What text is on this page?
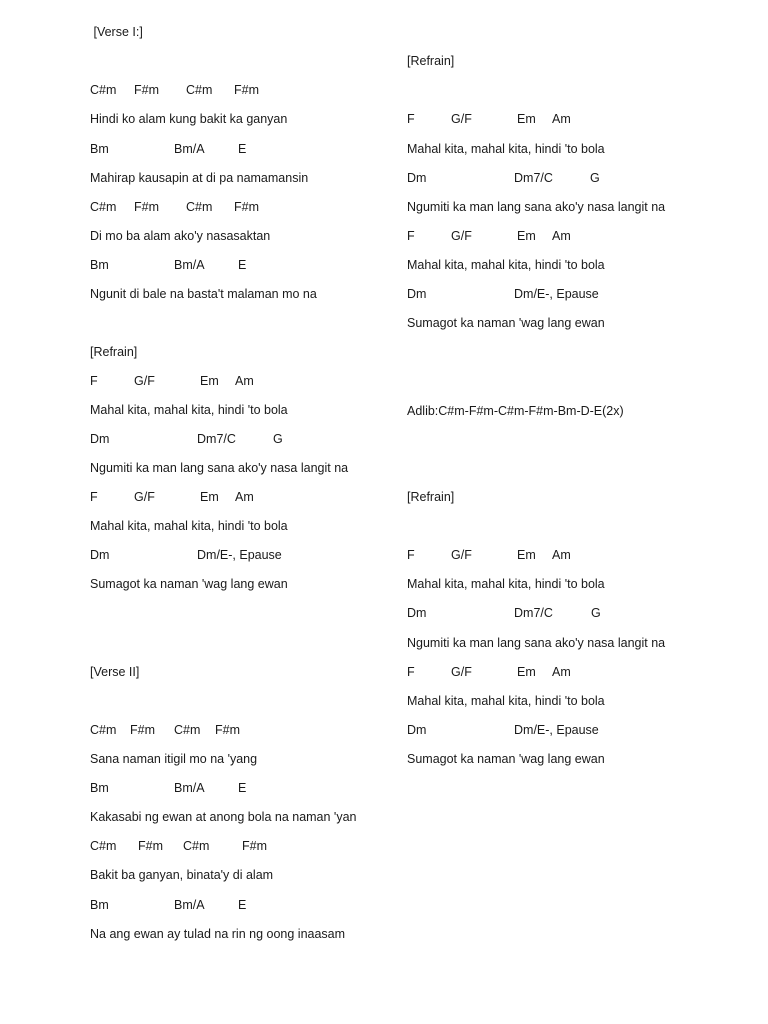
[Verse I:]
C#m F#m C#m F#m
Hindi ko alam kung bakit ka ganyan
Bm	Bm/A	E
Mahirap kausapin at di pa namamansin
C#m F#m C#m F#m
Di mo ba alam ako'y nasasaktan
Bm	Bm/A	E
Ngunit di bale na basta't malaman mo na
[Refrain]
F	G/F	Em Am
Mahal kita, mahal kita, hindi 'to bola
Dm	Dm7/C	G
Ngumiti ka man lang sana ako'y nasa langit na
F	G/F	Em Am
Mahal kita, mahal kita, hindi 'to bola
Dm	Dm/E-, Epause
Sumagot ka naman 'wag lang ewan
[Verse II]
C#m F#m C#m F#m
Sana naman itigil mo na 'yang
Bm	Bm/A	E
Kakasabi ng ewan at anong bola na naman 'yan
C#m F#m C#m	F#m
Bakit ba ganyan, binata'y di alam
Bm	Bm/A	E
Na ang ewan ay tulad na rin ng oong inaasam
[Refrain]
F	G/F	Em Am
Mahal kita, mahal kita, hindi 'to bola
Dm	Dm7/C	G
Ngumiti ka man lang sana ako'y nasa langit na
F	G/F	Em Am
Mahal kita, mahal kita, hindi 'to bola
Dm	Dm/E-, Epause
Sumagot ka naman 'wag lang ewan
Adlib:C#m-F#m-C#m-F#m-Bm-D-E(2x)
[Refrain]
F	G/F	Em Am
Mahal kita, mahal kita, hindi 'to bola
Dm	Dm7/C	G
Ngumiti ka man lang sana ako'y nasa langit na
F	G/F	Em Am
Mahal kita, mahal kita, hindi 'to bola
Dm	Dm/E-, Epause
Sumagot ka naman 'wag lang ewan
